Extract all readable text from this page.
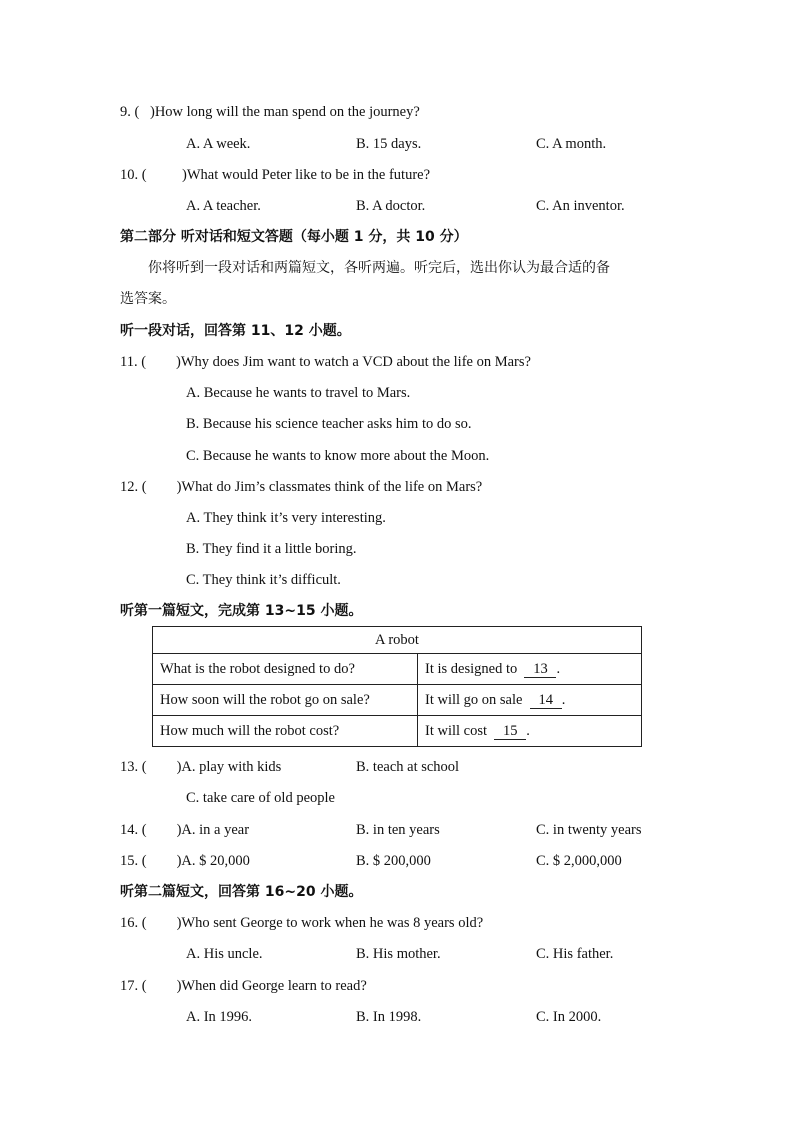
9. ( )How long will the man spend on the journey?
A. A week.	B. 15 days.	C. A month.
10. ( )What would Peter like to be in the future?
A. A teacher.	B. A doctor.	C. An inventor.
第二部分 听对话和短文答题（每小题 1 分，共 10 分）
你将听到一段对话和两篇短文，各听两遍。听完后，选出你认为最合适的备
选答案。
听一段对话，回答第 11、12 小题。
11. ( )Why does Jim want to watch a VCD about the life on Mars?
A. Because he wants to travel to Mars.
B. Because his science teacher asks him to do so.
C. Because he wants to know more about the Moon.
12. ( )What do Jim’s classmates think of the life on Mars?
A. They think it’s very interesting.
B. They find it a little boring.
C. They think it’s difficult.
听第一篇短文，完成第 13~15 小题。
A robot	
What is the robot designed to do?	It is designed to 13 .
How soon will the robot go on sale?	It will go on sale 14 .
How much will the robot cost?	It will cost 15 .
13. ( )A. play with kids	B. teach at school
C. take care of old people
14. ( )A. in a year	B. in ten years	C. in twenty years
15. ( )A. $ 20,000	B. $ 200,000	C. $ 2,000,000
听第二篇短文，回答第 16~20 小题。
16. ( )Who sent George to work when he was 8 years old?
A. His uncle.	B. His mother.	C. His father.
17. ( )When did George learn to read?
A. In 1996.	B. In 1998.	C. In 2000.
